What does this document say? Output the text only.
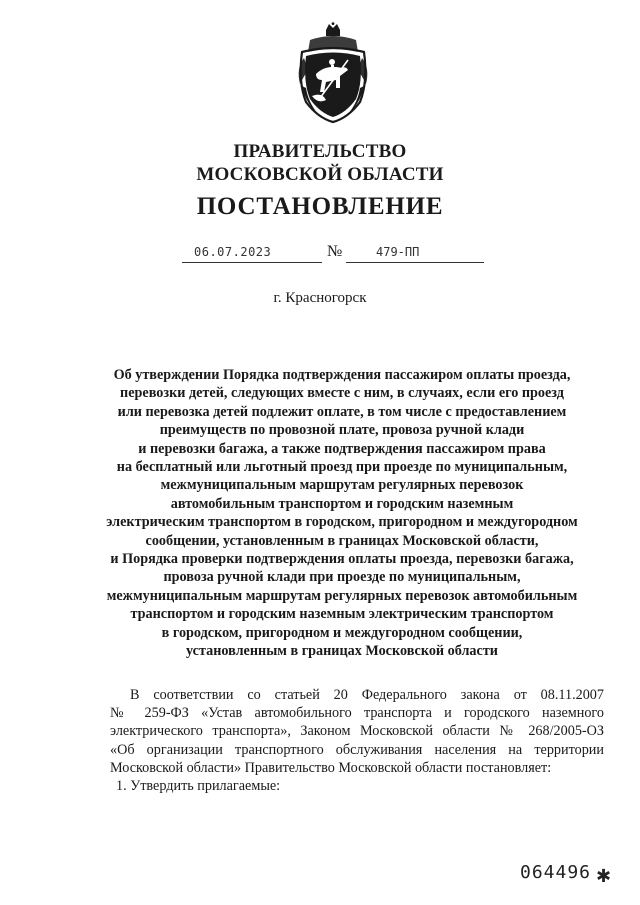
ПРАВИТЕЛЬСТВО
МОСКОВСКОЙ ОБЛАСТИ
ПОСТАНОВЛЕНИЕ
06.07.2023	№	479-ПП
г. Красногорск
Об утверждении Порядка подтверждения пассажиром оплаты проезда,
перевозки детей, следующих вместе с ним, в случаях, если его проезд
или перевозка детей подлежит оплате, в том числе с предоставлением
преимуществ по провозной плате, провоза ручной клади
и перевозки багажа, а также подтверждения пассажиром права
на бесплатный или льготный проезд при проезде по муниципальным,
межмуниципальным маршрутам регулярных перевозок
автомобильным транспортом и городским наземным
электрическим транспортом в городском, пригородном и междугородном
сообщении, установленным в границах Московской области,
и Порядка проверки подтверждения оплаты проезда, перевозки багажа,
провоза ручной клади при проезде по муниципальным,
межмуниципальным маршрутам регулярных перевозок автомобильным
транспортом и городским наземным электрическим транспортом
в городском, пригородном и междугородном сообщении,
установленным в границах Московской области
В соответствии со статьей 20 Федерального закона от 08.11.2007
№ 259-ФЗ «Устав автомобильного транспорта и городского наземного
электрического транспорта», Законом Московской области № 268/2005-ОЗ
«Об организации транспортного обслуживания населения на территории
Московской области» Правительство Московской области постановляет:
1. Утвердить прилагаемые:
064496 ✱
